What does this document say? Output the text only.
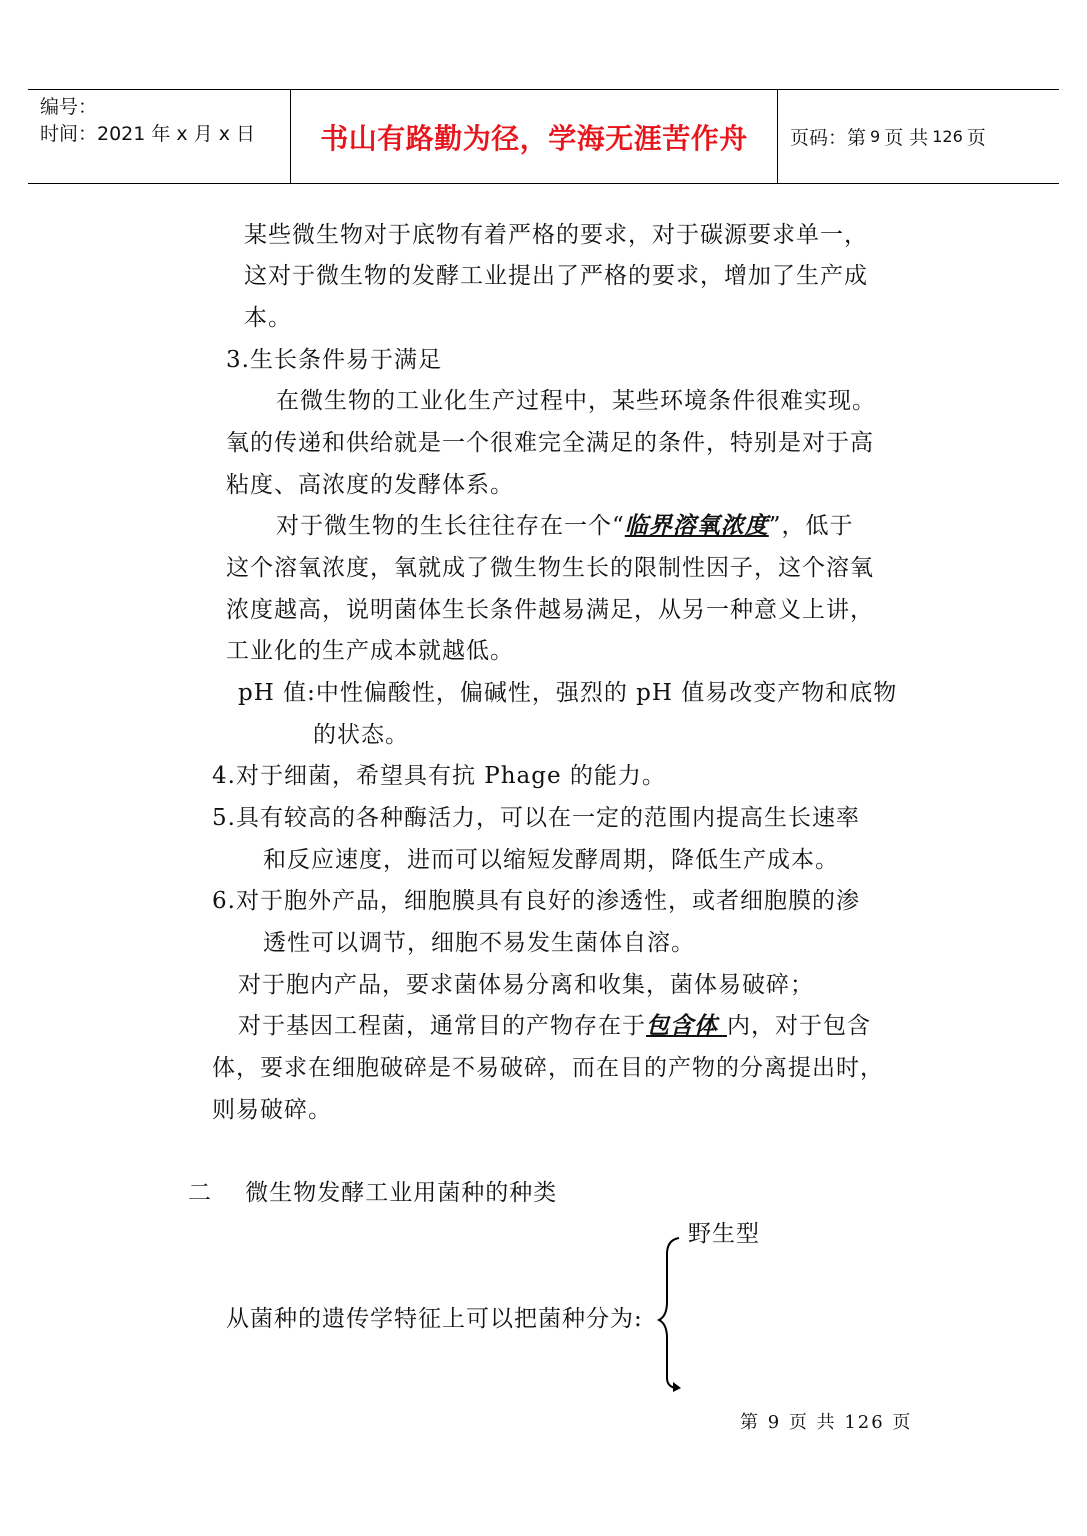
编号：
时间：2021 年 x 月 x 日	书山有路勤为径，学海无涯苦作舟	页码：第 9 页 共 126 页
某些微生物对于底物有着严格的要求，对于碳源要求单一，
这对于微生物的发酵工业提出了严格的要求，增加了生产成
本。
3.生长条件易于满足
在微生物的工业化生产过程中，某些环境条件很难实现。
氧的传递和供给就是一个很难完全满足的条件，特别是对于高
粘度、高浓度的发酵体系。
对于微生物的生长往往存在一个“临界溶氧浓度”，低于
这个溶氧浓度，氧就成了微生物生长的限制性因子，这个溶氧
浓度越高，说明菌体生长条件越易满足，从另一种意义上讲，
工业化的生产成本就越低。
pH 值:中性偏酸性，偏碱性，强烈的 pH 值易改变产物和底物
的状态。
4.对于细菌，希望具有抗 Phage 的能力。
5.具有较高的各种酶活力，可以在一定的范围内提高生长速率
和反应速度，进而可以缩短发酵周期，降低生产成本。
6.对于胞外产品，细胞膜具有良好的渗透性，或者细胞膜的渗
透性可以调节，细胞不易发生菌体自溶。
对于胞内产品，要求菌体易分离和收集，菌体易破碎；
对于基因工程菌，通常目的产物存在于包含体 内，对于包含
体，要求在细胞破碎是不易破碎，而在目的产物的分离提出时，
则易破碎。
二    微生物发酵工业用菌种的种类
野生型
从菌种的遗传学特征上可以把菌种分为:
第 9 页 共 126 页
